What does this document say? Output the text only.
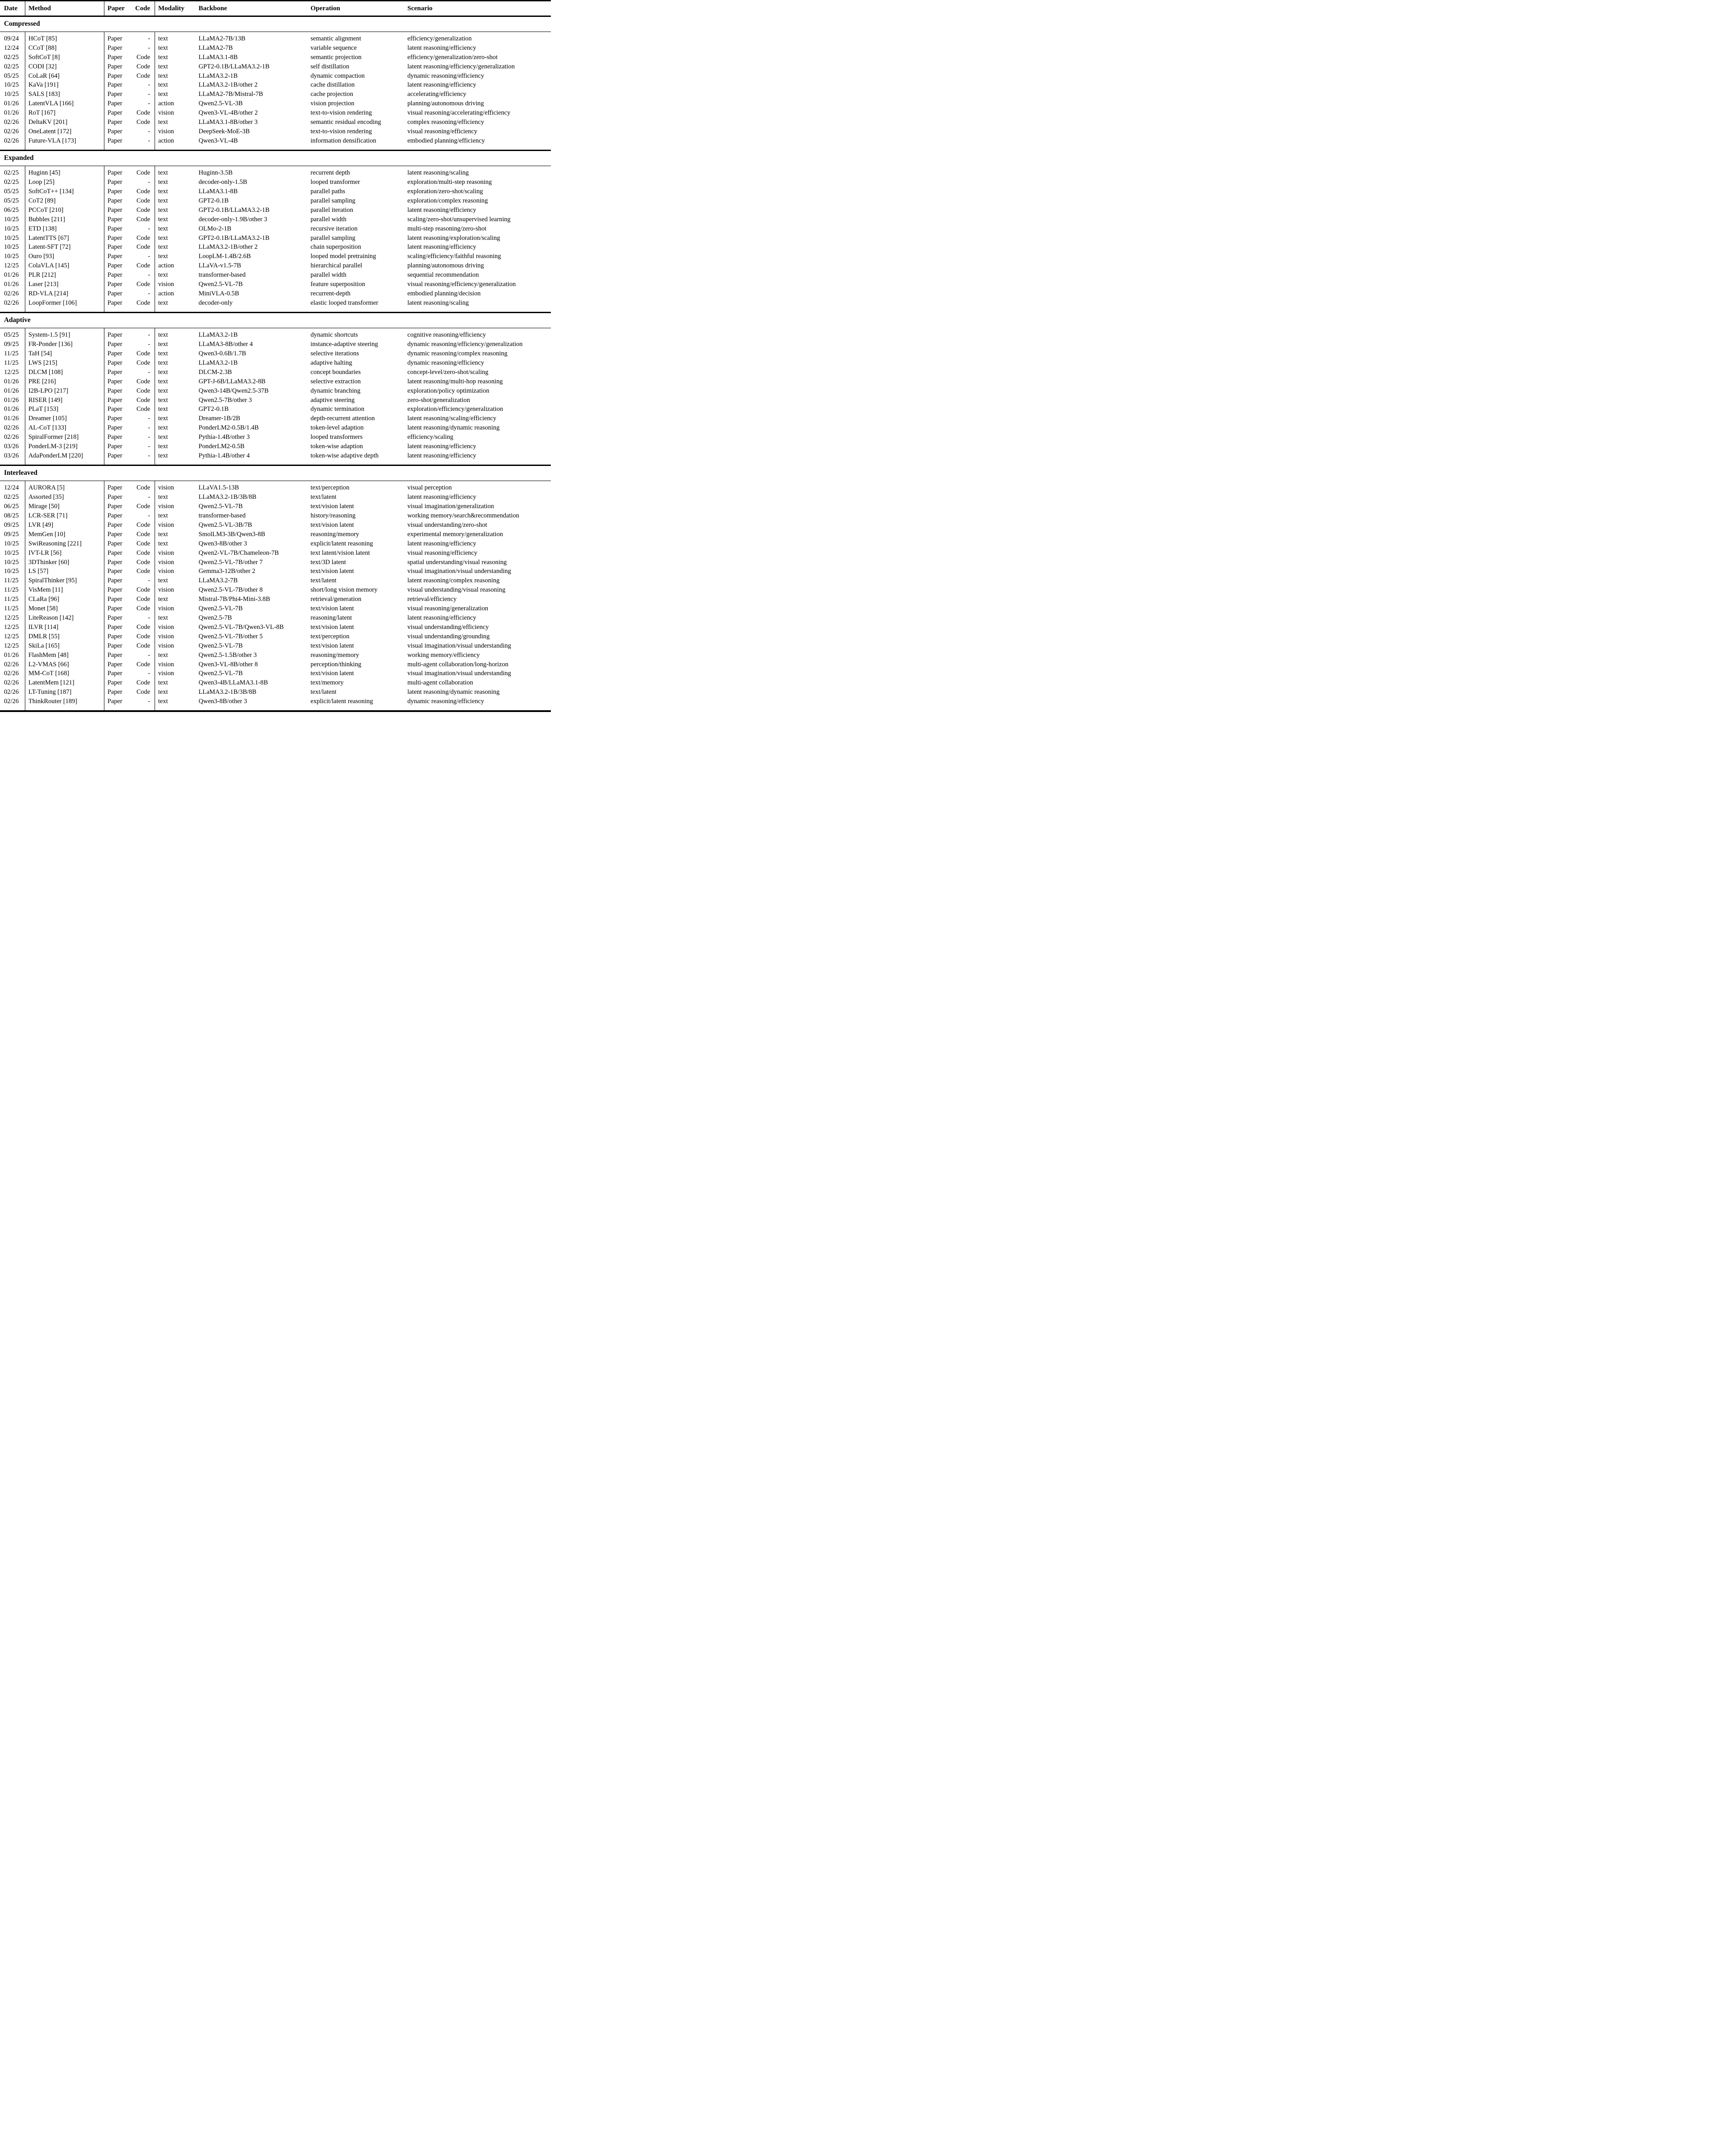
Date	Method	Paper	Code	Modality	Backbone	Operation	Scenario
Compressed
09/24	HCoT [85]	Paper	-	text	LLaMA2-7B/13B	semantic alignment	efficiency/generalization
12/24	CCoT [88]	Paper	-	text	LLaMA2-7B	variable sequence	latent reasoning/efficiency
02/25	SoftCoT [8]	Paper	Code	text	LLaMA3.1-8B	semantic projection	efficiency/generalization/zero-shot
02/25	CODI [32]	Paper	Code	text	GPT2-0.1B/LLaMA3.2-1B	self distillation	latent reasoning/efficiency/generalization
05/25	CoLaR [64]	Paper	Code	text	LLaMA3.2-1B	dynamic compaction	dynamic reasoning/efficiency
10/25	KaVa [191]	Paper	-	text	LLaMA3.2-1B/other 2	cache distillation	latent reasoning/efficiency
10/25	SALS [183]	Paper	-	text	LLaMA2-7B/Mistral-7B	cache projection	accelerating/efficiency
01/26	LatentVLA [166]	Paper	-	action	Qwen2.5-VL-3B	vision projection	planning/autonomous driving
01/26	RoT [167]	Paper	Code	vision	Qwen3-VL-4B/other 2	text-to-vision rendering	visual reasoning/accelerating/efficiency
02/26	DeltaKV [201]	Paper	Code	text	LLaMA3.1-8B/other 3	semantic residual encoding	complex reasoning/efficiency
02/26	OneLatent [172]	Paper	-	vision	DeepSeek-MoE-3B	text-to-vision rendering	visual reasoning/efficiency
02/26	Future-VLA [173]	Paper	-	action	Qwen3-VL-4B	information densification	embodied planning/efficiency
Expanded
02/25	Huginn [45]	Paper	Code	text	Huginn-3.5B	recurrent depth	latent reasoning/scaling
02/25	Loop [25]	Paper	-	text	decoder-only-1.5B	looped transformer	exploration/multi-step reasoning
05/25	SoftCoT++ [134]	Paper	Code	text	LLaMA3.1-8B	parallel paths	exploration/zero-shot/scaling
05/25	CoT2 [89]	Paper	Code	text	GPT2-0.1B	parallel sampling	exploration/complex reasoning
06/25	PCCoT [210]	Paper	Code	text	GPT2-0.1B/LLaMA3.2-1B	parallel iteration	latent reasoning/efficiency
10/25	Bubbles [211]	Paper	Code	text	decoder-only-1.9B/other 3	parallel width	scaling/zero-shot/unsupervised learning
10/25	ETD [138]	Paper	-	text	OLMo-2-1B	recursive iteration	multi-step reasoning/zero-shot
10/25	LatentTTS [67]	Paper	Code	text	GPT2-0.1B/LLaMA3.2-1B	parallel sampling	latent reasoning/exploration/scaling
10/25	Latent-SFT [72]	Paper	Code	text	LLaMA3.2-1B/other 2	chain superposition	latent reasoning/efficiency
10/25	Ouro [93]	Paper	-	text	LoopLM-1.4B/2.6B	looped model pretraining	scaling/efficiency/faithful reasoning
12/25	ColaVLA [145]	Paper	Code	action	LLaVA-v1.5-7B	hierarchical parallel	planning/autonomous driving
01/26	PLR [212]	Paper	-	text	transformer-based	parallel width	sequential recommendation
01/26	Laser [213]	Paper	Code	vision	Qwen2.5-VL-7B	feature superposition	visual reasoning/efficiency/generalization
02/26	RD-VLA [214]	Paper	-	action	MiniVLA-0.5B	recurrent-depth	embodied planning/decision
02/26	LoopFormer [106]	Paper	Code	text	decoder-only	elastic looped transformer	latent reasoning/scaling
Adaptive
05/25	System-1.5 [91]	Paper	-	text	LLaMA3.2-1B	dynamic shortcuts	cognitive reasoning/efficiency
09/25	FR-Ponder [136]	Paper	-	text	LLaMA3-8B/other 4	instance-adaptive steering	dynamic reasoning/efficiency/generalization
11/25	TaH [54]	Paper	Code	text	Qwen3-0.6B/1.7B	selective iterations	dynamic reasoning/complex reasoning
11/25	LWS [215]	Paper	Code	text	LLaMA3.2-1B	adaptive halting	dynamic reasoning/efficiency
12/25	DLCM [108]	Paper	-	text	DLCM-2.3B	concept boundaries	concept-level/zero-shot/scaling
01/26	PRE [216]	Paper	Code	text	GPT-J-6B/LLaMA3.2-8B	selective extraction	latent reasoning/multi-hop reasoning
01/26	I2B-LPO [217]	Paper	Code	text	Qwen3-14B/Qwen2.5-37B	dynamic branching	exploration/policy optimization
01/26	RISER [149]	Paper	Code	text	Qwen2.5-7B/other 3	adaptive steering	zero-shot/generalization
01/26	PLaT [153]	Paper	Code	text	GPT2-0.1B	dynamic termination	exploration/efficiency/generalization
01/26	Dreamer [105]	Paper	-	text	Dreamer-1B/2B	depth-recurrent attention	latent reasoning/scaling/efficiency
02/26	AL-CoT [133]	Paper	-	text	PonderLM2-0.5B/1.4B	token-level adaption	latent reasoning/dynamic reasoning
02/26	SpiralFormer [218]	Paper	-	text	Pythia-1.4B/other 3	looped transformers	efficiency/scaling
03/26	PonderLM-3 [219]	Paper	-	text	PonderLM2-0.5B	token-wise adaption	latent reasoning/efficiency
03/26	AdaPonderLM [220]	Paper	-	text	Pythia-1.4B/other 4	token-wise adaptive depth	latent reasoning/efficiency
Interleaved
12/24	AURORA [5]	Paper	Code	vision	LLaVA1.5-13B	text/perception	visual perception
02/25	Assorted [35]	Paper	-	text	LLaMA3.2-1B/3B/8B	text/latent	latent reasoning/efficiency
06/25	Mirage [50]	Paper	Code	vision	Qwen2.5-VL-7B	text/vision latent	visual imagination/generalization
08/25	LCR-SER [71]	Paper	-	text	transformer-based	history/reasoning	working memory/search&recommendation
09/25	LVR [49]	Paper	Code	vision	Qwen2.5-VL-3B/7B	text/vision latent	visual understanding/zero-shot
09/25	MemGen [10]	Paper	Code	text	SmolLM3-3B/Qwen3-8B	reasoning/memory	experimental memory/generalization
10/25	SwiReasoning [221]	Paper	Code	text	Qwen3-8B/other 3	explicit/latent reasoning	latent reasoning/efficiency
10/25	IVT-LR [56]	Paper	Code	vision	Qwen2-VL-7B/Chameleon-7B	text latent/vision latent	visual reasoning/efficiency
10/25	3DThinker [60]	Paper	Code	vision	Qwen2.5-VL-7B/other 7	text/3D latent	spatial understanding/visual reasoning
10/25	LS [57]	Paper	Code	vision	Gemma3-12B/other 2	text/vision latent	visual imagination/visual understanding
11/25	SpiralThinker [95]	Paper	-	text	LLaMA3.2-7B	text/latent	latent reasoning/complex reasoning
11/25	VisMem [11]	Paper	Code	vision	Qwen2.5-VL-7B/other 8	short/long vision memory	visual understanding/visual reasoning
11/25	CLaRa [96]	Paper	Code	text	Mistral-7B/Phi4-Mini-3.8B	retrieval/generation	retrieval/efficiency
11/25	Monet [58]	Paper	Code	vision	Qwen2.5-VL-7B	text/vision latent	visual reasoning/generalization
12/25	LiteReason [142]	Paper	-	text	Qwen2.5-7B	reasoning/latent	latent reasoning/efficiency
12/25	ILVR [114]	Paper	Code	vision	Qwen2.5-VL-7B/Qwen3-VL-8B	text/vision latent	visual understanding/efficiency
12/25	DMLR [55]	Paper	Code	vision	Qwen2.5-VL-7B/other 5	text/perception	visual understanding/grounding
12/25	SkiLa [165]	Paper	Code	vision	Qwen2.5-VL-7B	text/vision latent	visual imagination/visual understanding
01/26	FlashMem [48]	Paper	-	text	Qwen2.5-1.5B/other 3	reasoning/memory	working memory/efficiency
02/26	L2-VMAS [66]	Paper	Code	vision	Qwen3-VL-8B/other 8	perception/thinking	multi-agent collaboration/long-horizon
02/26	MM-CoT [168]	Paper	-	vision	Qwen2.5-VL-7B	text/vision latent	visual imagination/visual understanding
02/26	LatentMem [121]	Paper	Code	text	Qwen3-4B/LLaMA3.1-8B	text/memory	multi-agent collaboration
02/26	LT-Tuning [187]	Paper	Code	text	LLaMA3.2-1B/3B/8B	text/latent	latent reasoning/dynamic reasoning
02/26	ThinkRouter [189]	Paper	-	text	Qwen3-8B/other 3	explicit/latent reasoning	dynamic reasoning/efficiency
